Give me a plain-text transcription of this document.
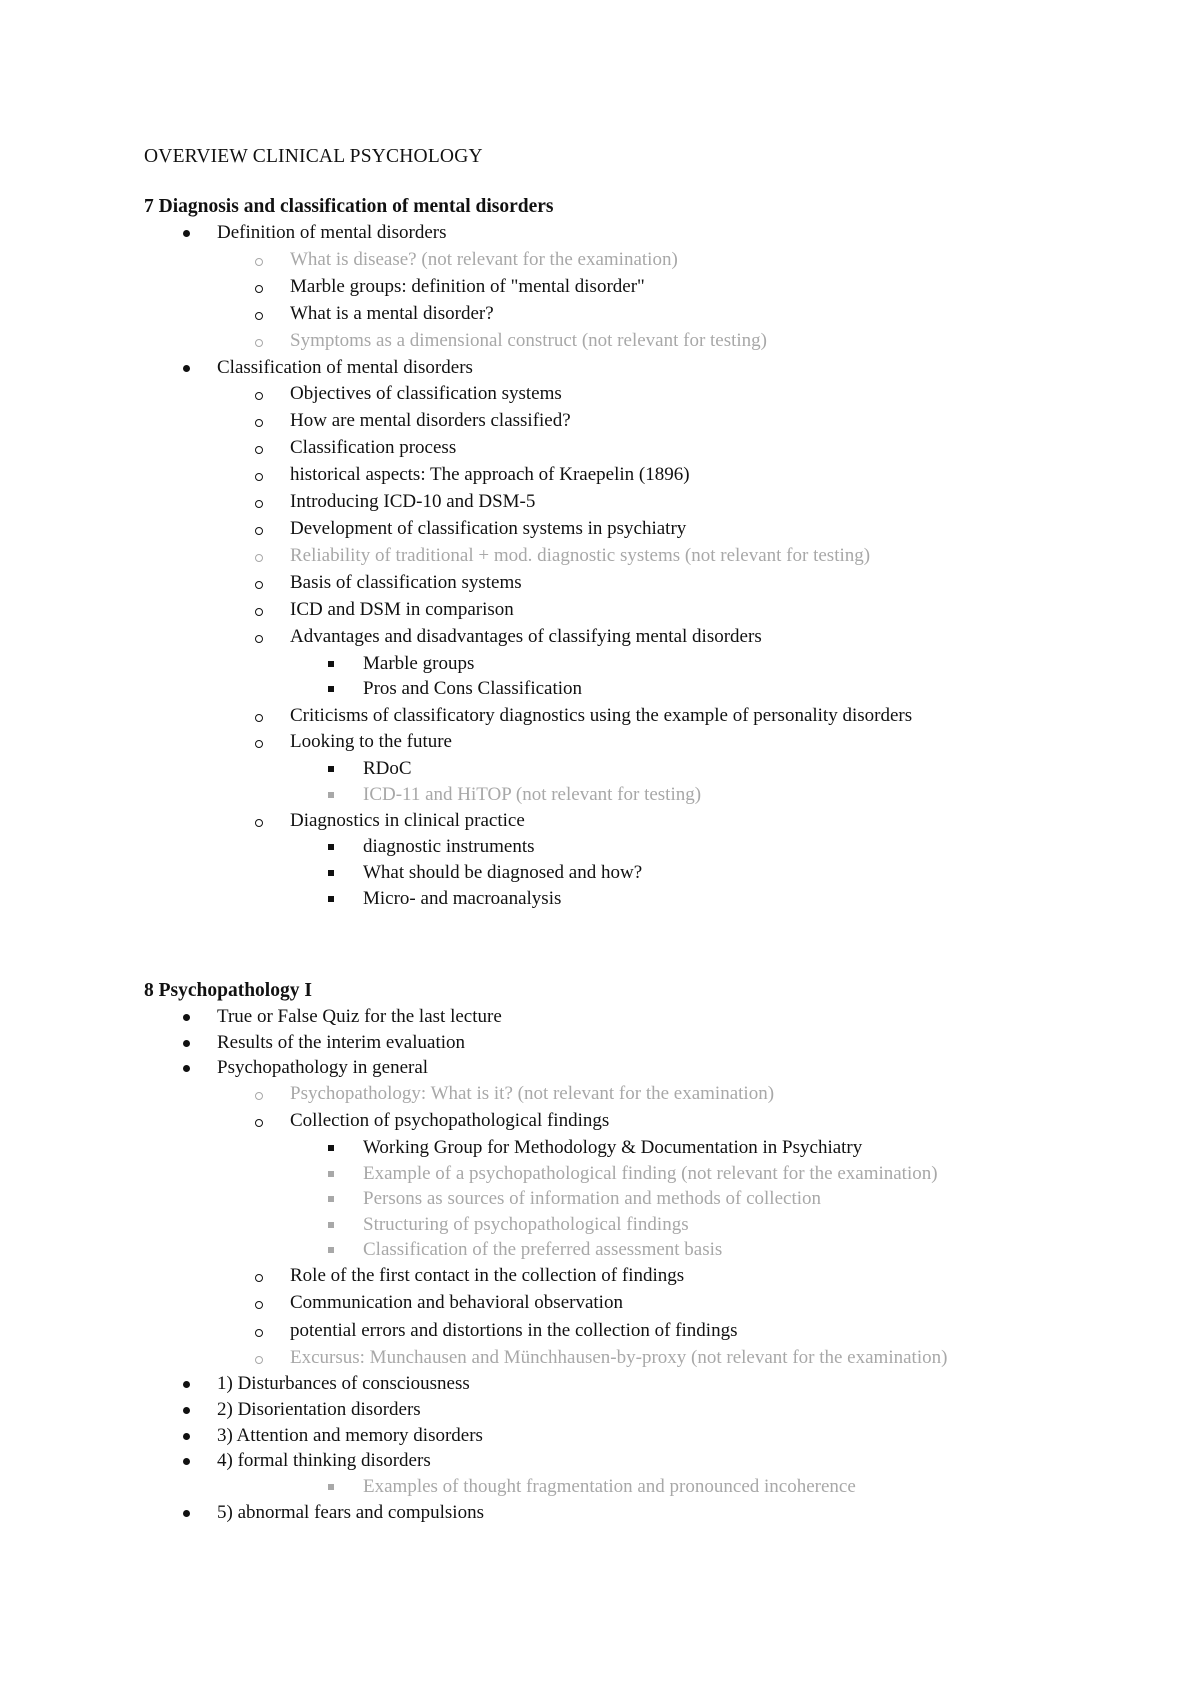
OVERVIEW CLINICAL PSYCHOLOGY
7 Diagnosis and classification of mental disorders
Definition of mental disorders
What is disease? (not relevant for the examination)
Marble groups: definition of "mental disorder"
What is a mental disorder?
Symptoms as a dimensional construct (not relevant for testing)
Classification of mental disorders
Objectives of classification systems
How are mental disorders classified?
Classification process
historical aspects: The approach of Kraepelin (1896)
Introducing ICD-10 and DSM-5
Development of classification systems in psychiatry
Reliability of traditional + mod. diagnostic systems (not relevant for testing)
Basis of classification systems
ICD and DSM in comparison
Advantages and disadvantages of classifying mental disorders
Marble groups
Pros and Cons Classification
Criticisms of classificatory diagnostics using the example of personality disorders
Looking to the future
RDoC
ICD-11 and HiTOP (not relevant for testing)
Diagnostics in clinical practice
diagnostic instruments
What should be diagnosed and how?
Micro- and macroanalysis
8 Psychopathology I
True or False Quiz for the last lecture
Results of the interim evaluation
Psychopathology in general
Psychopathology: What is it? (not relevant for the examination)
Collection of psychopathological findings
Working Group for Methodology & Documentation in Psychiatry
Example of a psychopathological finding (not relevant for the examination)
Persons as sources of information and methods of collection
Structuring of psychopathological findings
Classification of the preferred assessment basis
Role of the first contact in the collection of findings
Communication and behavioral observation
potential errors and distortions in the collection of findings
Excursus: Munchausen and Münchhausen-by-proxy (not relevant for the examination)
1) Disturbances of consciousness
2) Disorientation disorders
3) Attention and memory disorders
4) formal thinking disorders
Examples of thought fragmentation and pronounced incoherence
5) abnormal fears and compulsions
